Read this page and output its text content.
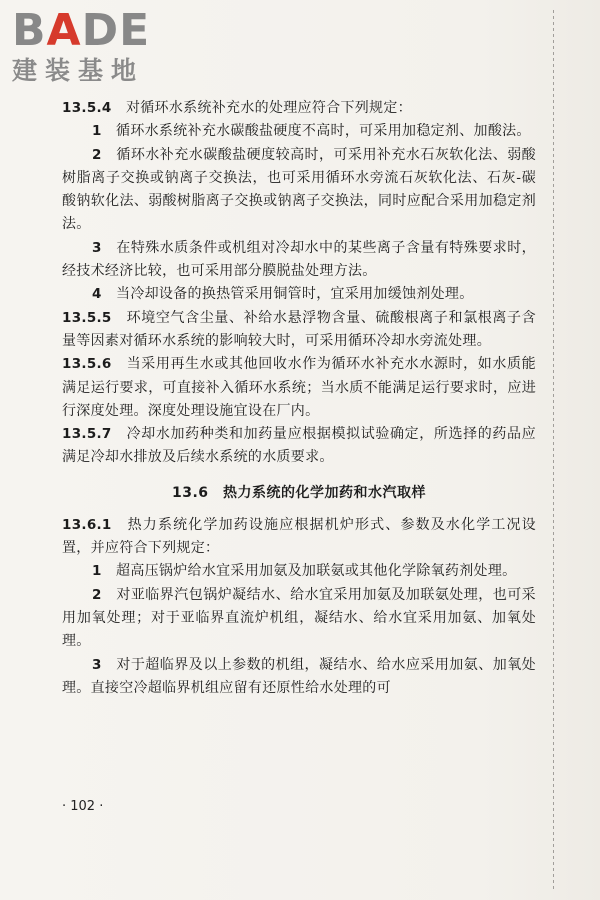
BADE
建装基地
13.5.4　 对循环水系统补充水的处理应符合下列规定：
1　 循环水系统补充水碳酸盐硬度不高时，可采用加稳定剂、加酸法。
2　 循环水补充水碳酸盐硬度较高时，可采用补充水石灰软化法、弱酸树脂离子交换或钠离子交换法，也可采用循环水旁流石灰软化法、石灰-碳酸钠软化法、弱酸树脂离子交换或钠离子交换法，同时应配合采用加稳定剂法。
3　 在特殊水质条件或机组对冷却水中的某些离子含量有特殊要求时，经技术经济比较，也可采用部分膜脱盐处理方法。
4　 当冷却设备的换热管采用铜管时，宜采用加缓蚀剂处理。
13.5.5　 环境空气含尘量、补给水悬浮物含量、硫酸根离子和氯根离子含量等因素对循环水系统的影响较大时，可采用循环冷却水旁流处理。
13.5.6　 当采用再生水或其他回收水作为循环水补充水水源时，如水质能满足运行要求，可直接补入循环水系统；当水质不能满足运行要求时，应进行深度处理。深度处理设施宜设在厂内。
13.5.7　 冷却水加药种类和加药量应根据模拟试验确定，所选择的药品应满足冷却水排放及后续水系统的水质要求。
13.6　热力系统的化学加药和水汽取样
13.6.1　 热力系统化学加药设施应根据机炉形式、参数及水化学工况设置，并应符合下列规定：
1　 超高压锅炉给水宜采用加氨及加联氨或其他化学除氧药剂处理。
2　 对亚临界汽包锅炉凝结水、给水宜采用加氨及加联氨处理，也可采用加氧处理；对于亚临界直流炉机组，凝结水、给水宜采用加氨、加氧处理。
3　 对于超临界及以上参数的机组，凝结水、给水应采用加氨、加氧处理。直接空冷超临界机组应留有还原性给水处理的可
· 102 ·
